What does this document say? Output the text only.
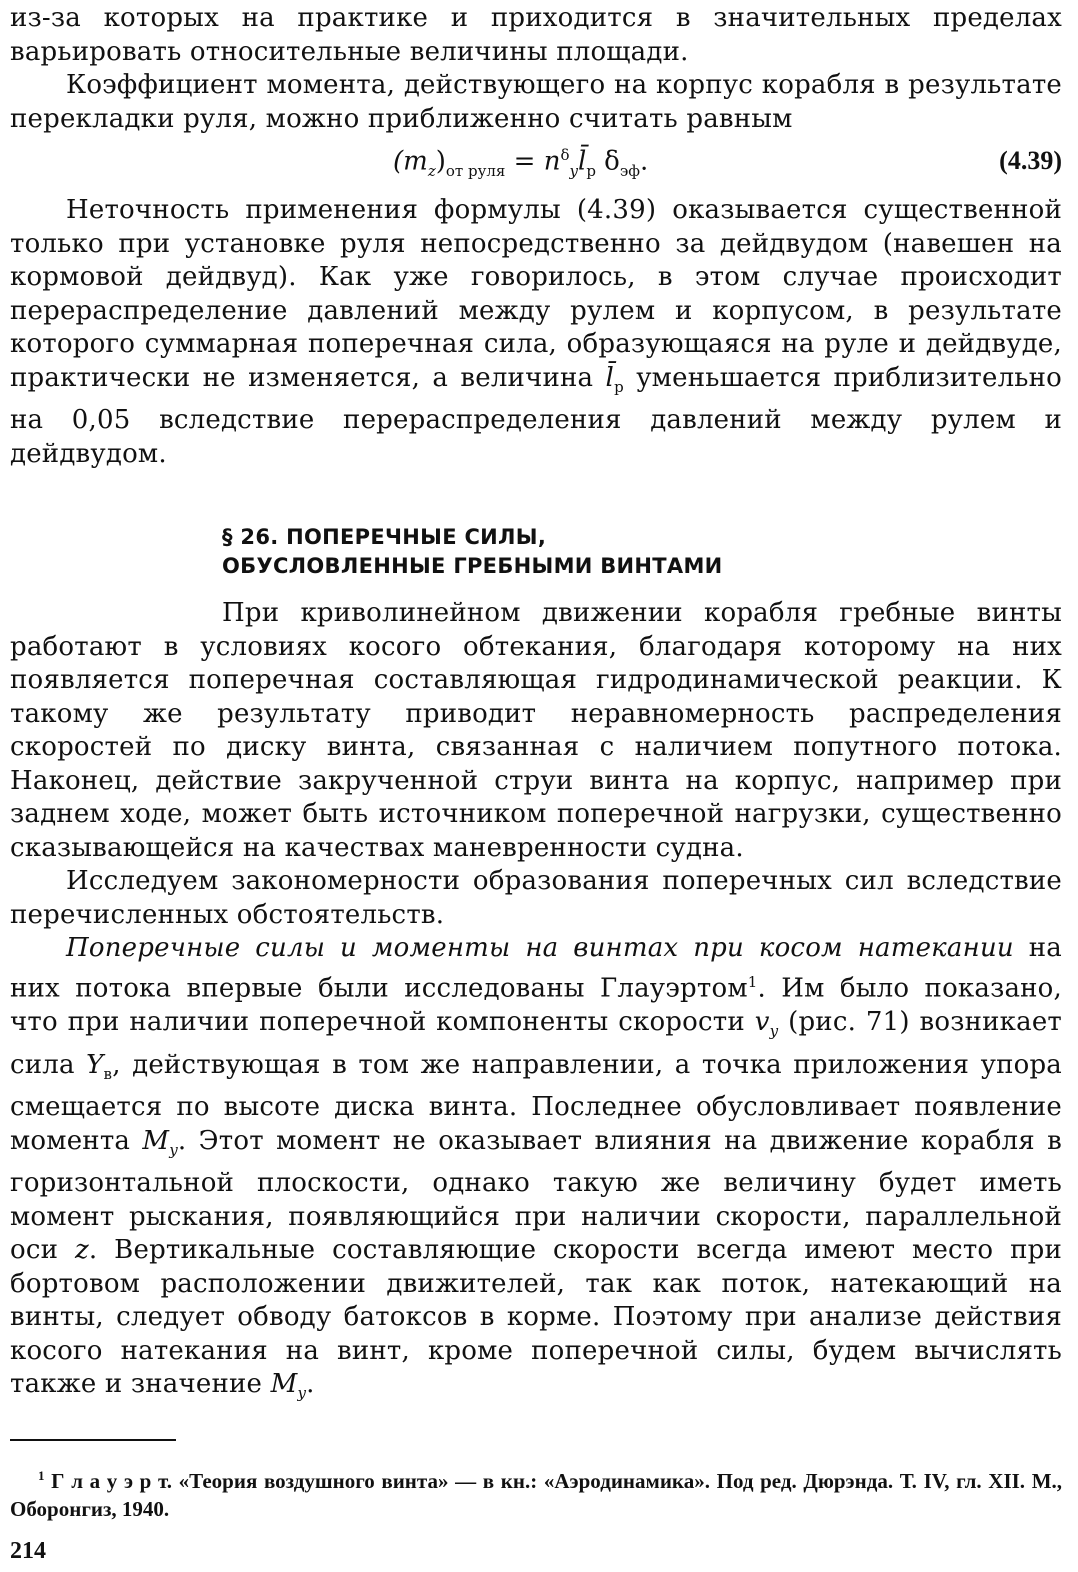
из-за которых на практике и приходится в значительных пределах варьировать относительные величины площади.

Коэффициент момента, действующего на корпус корабля в результате перекладки руля, можно приближенно считать равным

$(m_z)_{от руля}$ = $n^\delta_yl̄_р$ $\delta_{эф}$.	(4.39)

Неточность применения формулы (4.39) оказывается существенной только при установке руля непосредственно за дейдвудом (навешен на кормовой дейдвуд). Как уже говорилось, в этом случае происходит перераспределение давлений между рулем и корпусом, в результате которого суммарная поперечная сила, образующаяся на руле и дейдвуде, практически не изменяется, а величина $l̄_р$ уменьшается приблизительно на 0,05 вследствие перераспределения давлений между рулем и дейдвудом.

§ 26. ПОПЕРЕЧНЫЕ СИЛЫ,
ОБУСЛОВЛЕННЫЕ ГРЕБНЫМИ ВИНТАМИ

При криволинейном движении корабля гребные винты работают в условиях косого обтекания, благодаря которому на них появляется поперечная составляющая гидродинамической реакции. К такому же результату приводит неравномерность распределения скоростей по диску винта, связанная с наличием попутного потока. Наконец, действие закрученной струи винта на корпус, например при заднем ходе, может быть источником поперечной нагрузки, существенно сказывающейся на качествах маневренности судна.

Исследуем закономерности образования поперечных сил вследствие перечисленных обстоятельств.

Поперечные силы и моменты на винтах при косом натекании на них потока впервые были исследованы Глауэртом$^1$. Им было показано, что при наличии поперечной компоненты скорости $v_y$ (рис. 71) возникает сила $Y_в$, действующая в том же направлении, а точка приложения упора смещается по высоте диска винта. Последнее обусловливает появление момента $M_y$. Этот момент не оказывает влияния на движение корабля в горизонтальной плоскости, однако такую же величину будет иметь момент рыскания, появляющийся при наличии скорости, параллельной оси z. Вертикальные составляющие скорости всегда имеют место при бортовом расположении движителей, так как поток, натекающий на винты, следует обводу батоксов в корме. Поэтому при анализе действия косого натекания на винт, кроме поперечной силы, будем вычислять также и значение $M_y$.

$^1$ Г л а у э р т. «Теория воздушного винта» — в кн.: «Аэродинамика». Под ред. Дюрэнда. Т. IV, гл. XII. М., Оборонгиз, 1940.

214
